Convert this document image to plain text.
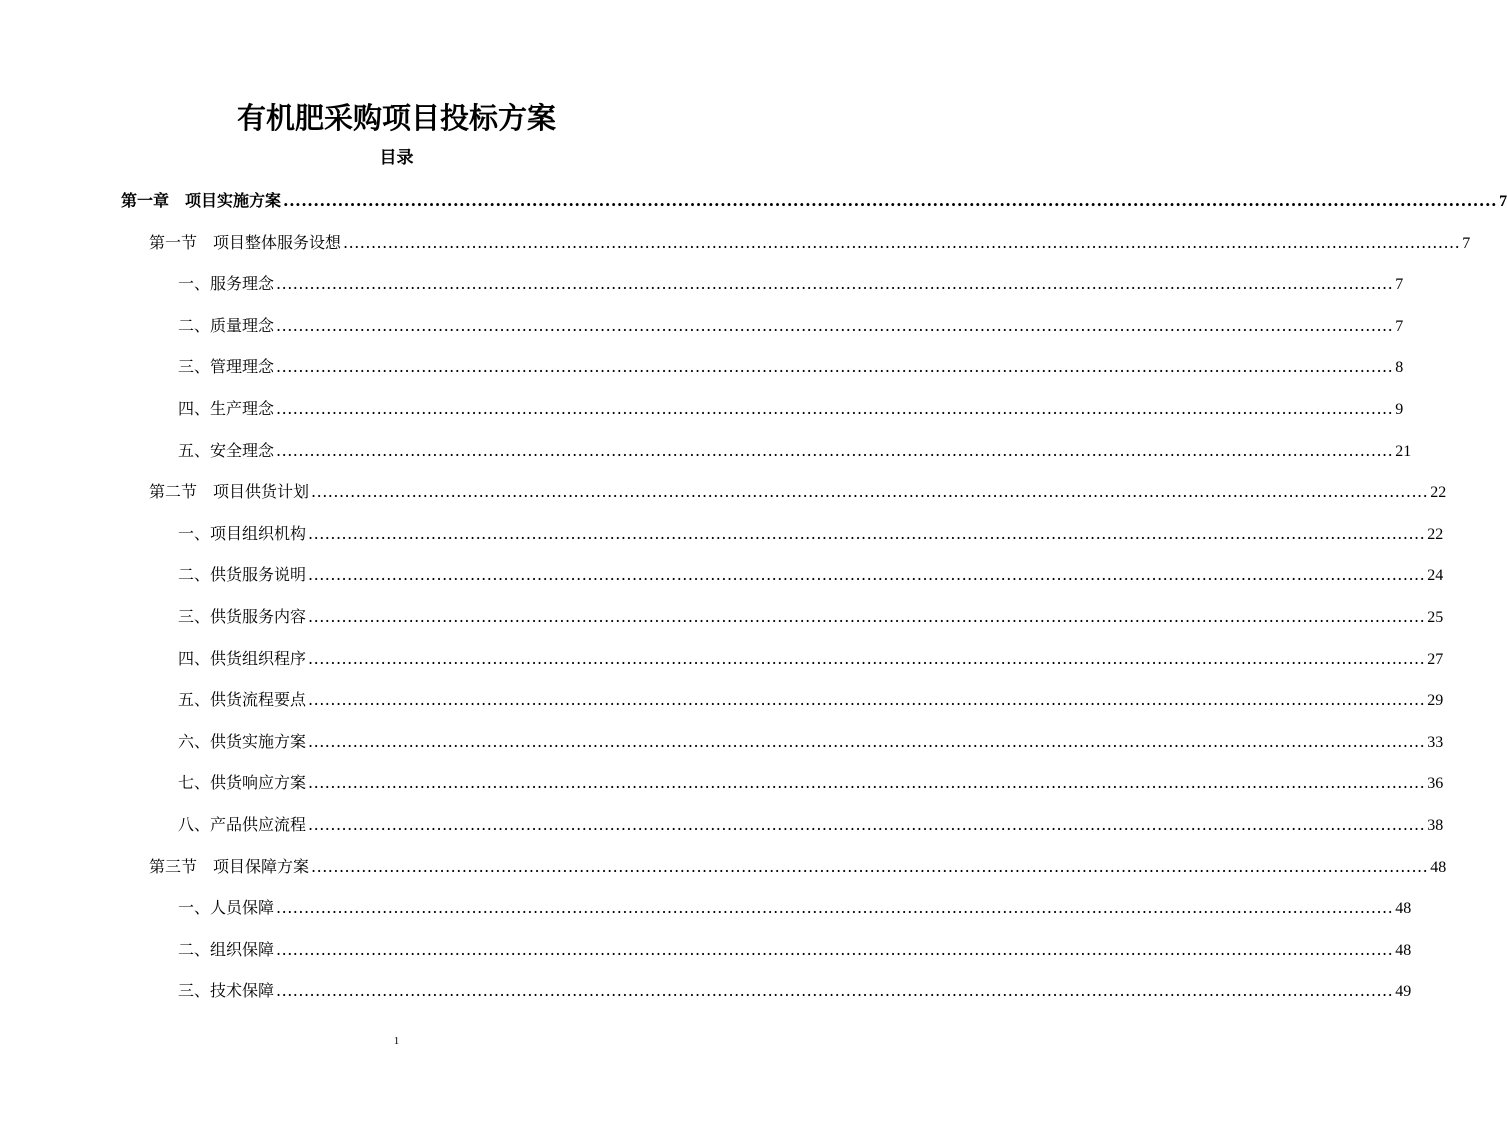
有机肥采购项目投标方案
目录
第一章　项目实施方案 ........................................................................................................................................................................................................ 7
第一节　项目整体服务设想 ........................................................................................................................................................................................................ 7
一、服务理念 ........................................................................................................................................................................................................ 7
二、质量理念 ........................................................................................................................................................................................................ 7
三、管理理念 ........................................................................................................................................................................................................ 8
四、生产理念 ........................................................................................................................................................................................................ 9
五、安全理念 ........................................................................................................................................................................................................ 21
第二节　项目供货计划 ........................................................................................................................................................................................................ 22
一、项目组织机构 ........................................................................................................................................................................................................ 22
二、供货服务说明 ........................................................................................................................................................................................................ 24
三、供货服务内容 ........................................................................................................................................................................................................ 25
四、供货组织程序 ........................................................................................................................................................................................................ 27
五、供货流程要点 ........................................................................................................................................................................................................ 29
六、供货实施方案 ........................................................................................................................................................................................................ 33
七、供货响应方案 ........................................................................................................................................................................................................ 36
八、产品供应流程 ........................................................................................................................................................................................................ 38
第三节　项目保障方案 ........................................................................................................................................................................................................ 48
一、人员保障 ........................................................................................................................................................................................................ 48
二、组织保障 ........................................................................................................................................................................................................ 48
三、技术保障 ........................................................................................................................................................................................................ 49
1
